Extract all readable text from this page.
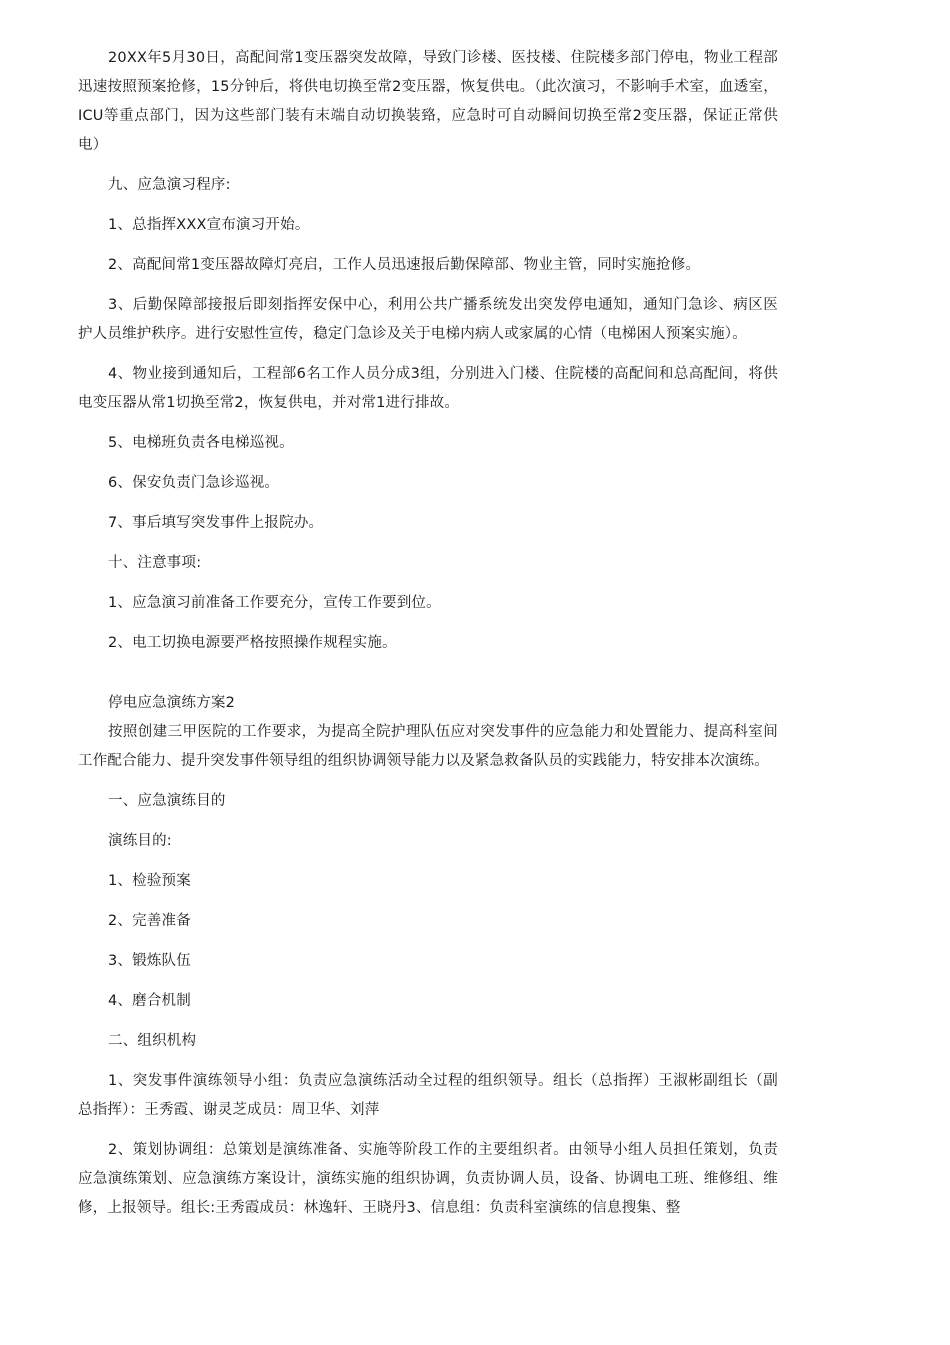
20XX年5月30日，高配间常1变压器突发故障，导致门诊楼、医技楼、住院楼多部门停电，物业工程部迅速按照预案抢修，15分钟后，将供电切换至常2变压器，恢复供电。（此次演习，不影响手术室，血透室，ICU等重点部门，因为这些部门装有末端自动切换装臵，应急时可自动瞬间切换至常2变压器，保证正常供电）

九、应急演习程序:

1、总指挥XXX宣布演习开始。

2、高配间常1变压器故障灯亮启，工作人员迅速报后勤保障部、物业主管，同时实施抢修。

3、后勤保障部接报后即刻指挥安保中心，利用公共广播系统发出突发停电通知，通知门急诊、病区医护人员维护秩序。进行安慰性宣传，稳定门急诊及关于电梯内病人或家属的心情（电梯困人预案实施）。

4、物业接到通知后，工程部6名工作人员分成3组，分别进入门楼、住院楼的高配间和总高配间，将供电变压器从常1切换至常2，恢复供电，并对常1进行排故。

5、电梯班负责各电梯巡视。

6、保安负责门急诊巡视。

7、事后填写突发事件上报院办。

十、注意事项:

1、应急演习前准备工作要充分，宣传工作要到位。

2、电工切换电源要严格按照操作规程实施。

停电应急演练方案2

按照创建三甲医院的工作要求，为提高全院护理队伍应对突发事件的应急能力和处置能力、提高科室间工作配合能力、提升突发事件领导组的组织协调领导能力以及紧急救备队员的实践能力，特安排本次演练。

一、应急演练目的

演练目的:

1、检验预案

2、完善准备

3、锻炼队伍

4、磨合机制

二、组织机构

1、突发事件演练领导小组：负责应急演练活动全过程的组织领导。组长（总指挥）王淑彬副组长（副总指挥）：王秀霞、谢灵芝成员：周卫华、刘萍

2、策划协调组：总策划是演练准备、实施等阶段工作的主要组织者。由领导小组人员担任策划，负责应急演练策划、应急演练方案设计，演练实施的组织协调，负责协调人员，设备、协调电工班、维修组、维修，上报领导。组长:王秀霞成员：林逸轩、王晓丹3、信息组：负责科室演练的信息搜集、整
